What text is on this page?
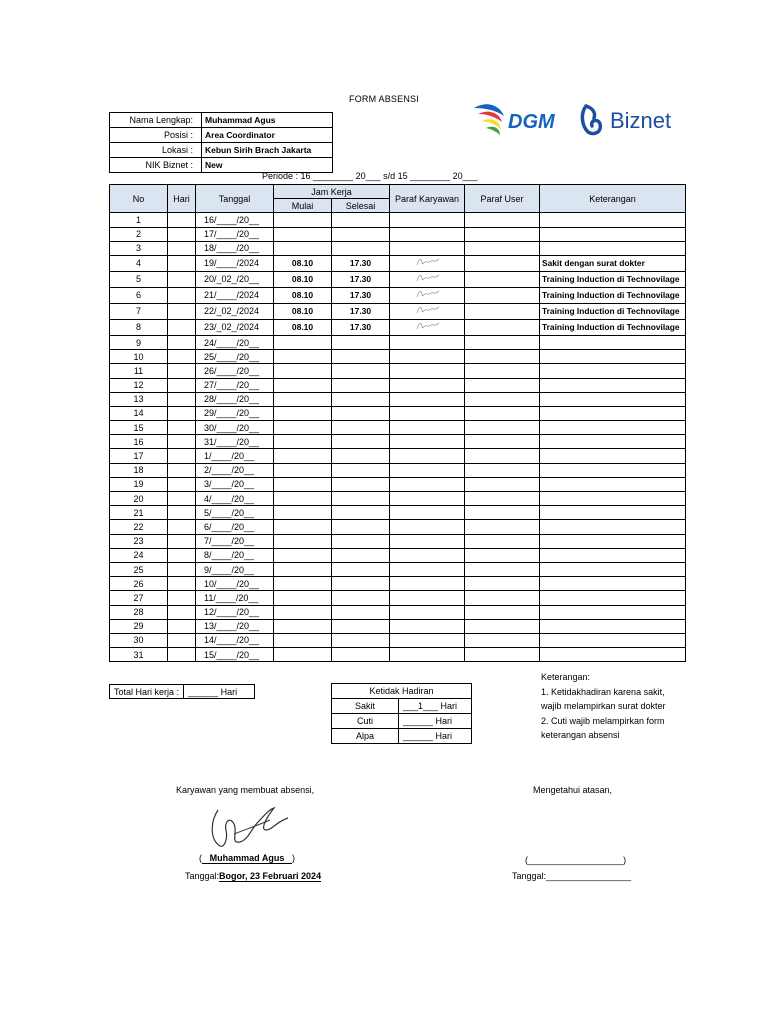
FORM ABSENSI
Nama Lengkap:	Muhammad Agus
Posisi :	Area Coordinator
Lokasi :	Kebun Sirih Brach Jakarta
NIK Biznet :	New
DGM	Biznet
Periode : 16 ________ 20___ s/d 15 ________ 20___
No	Hari	Tanggal	Jam Kerja		Paraf Karyawan	Paraf User	Keterangan
			Mulai	Selesai			
1		16/____/20__					
2		17/____/20__					
3		18/____/20__					
4		19/____/2024	08.10	17.30			Sakit dengan surat dokter
5		20/_02_/20__	08.10	17.30			Training Induction di Technovilage
6		21/____/2024	08.10	17.30			Training Induction di Technovilage
7		22/_02_/2024	08.10	17.30			Training Induction di Technovilage
8		23/_02_/2024	08.10	17.30			Training Induction di Technovilage
9		24/____/20__					
10		25/____/20__					
11		26/____/20__					
12		27/____/20__					
13		28/____/20__					
14		29/____/20__					
15		30/____/20__					
16		31/____/20__					
17		1/____/20__					
18		2/____/20__					
19		3/____/20__					
20		4/____/20__					
21		5/____/20__					
22		6/____/20__					
23		7/____/20__					
24		8/____/20__					
25		9/____/20__					
26		10/____/20__					
27		11/____/20__					
28		12/____/20__					
29		13/____/20__					
30		14/____/20__					
31		15/____/20__					
Total Hari kerja :	______ Hari	Ketidak Hadiran	
Sakit	___1___ Hari
Cuti	______ Hari
Alpa	______ Hari
Keterangan:
1. Ketidakhadiran karena sakit,
wajib melampirkan surat dokter
2. Cuti wajib melampirkan form
keterangan absensi
Karyawan yang membuat absensi,
( Muhammad Agus )
Tanggal:Bogor, 23 Februari 2024
Mengetahui atasan,
(___________________)
Tanggal:_________________
